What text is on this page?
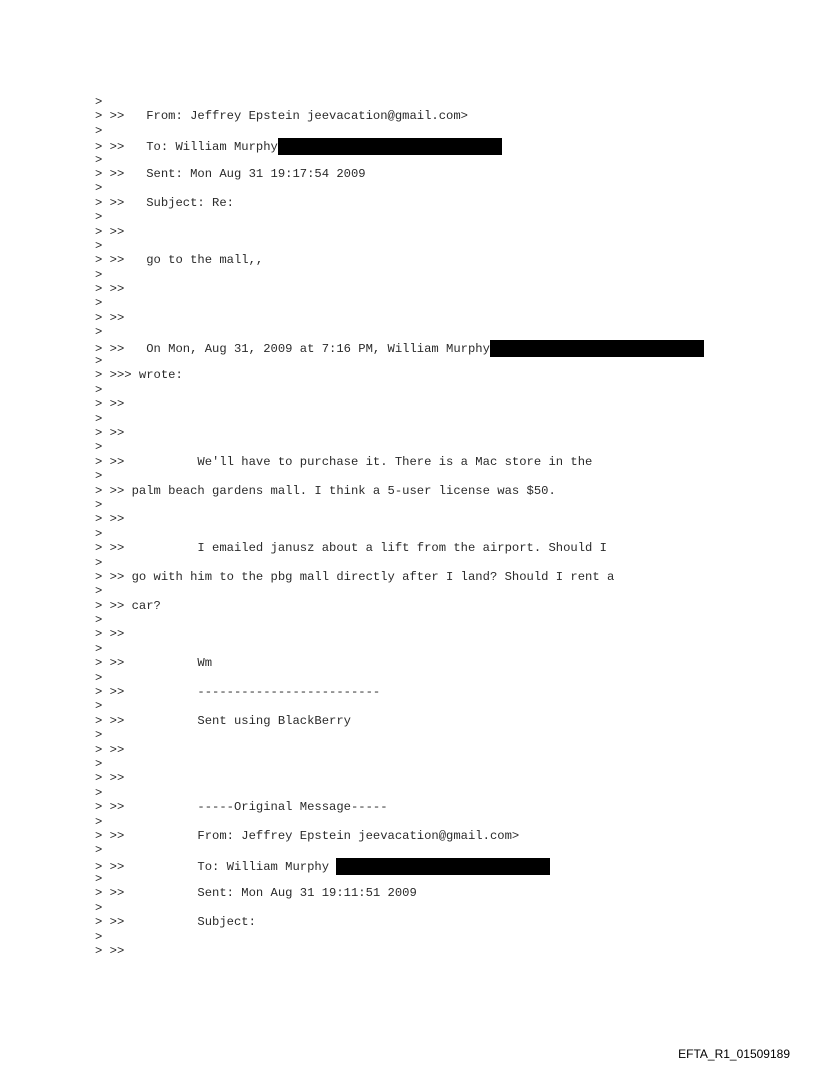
>
> >>   From: Jeffrey Epstein jeevacation@gmail.com>
>
> >>   To: William Murphy
>
> >>   Sent: Mon Aug 31 19:17:54 2009
>
> >>   Subject: Re:
>
> >>
>
> >>   go to the mall,,
>
> >>
>
> >>
>
> >>   On Mon, Aug 31, 2009 at 7:16 PM, William Murphy
>
> >>> wrote:
>
> >>
>
> >>
>
> >>          We'll have to purchase it. There is a Mac store in the
>
> >> palm beach gardens mall. I think a 5-user license was $50.
>
> >>
>
> >>          I emailed janusz about a lift from the airport. Should I
>
> >> go with him to the pbg mall directly after I land? Should I rent a
>
> >> car?
>
> >>
>
> >>          Wm
>
> >>          -------------------------
>
> >>          Sent using BlackBerry
>
> >>
>
> >>
>
> >>          -----Original Message-----
>
> >>          From: Jeffrey Epstein jeevacation@gmail.com>
>
> >>          To: William Murphy
>
> >>          Sent: Mon Aug 31 19:11:51 2009
>
> >>          Subject:
>
> >>
EFTA_R1_01509189
